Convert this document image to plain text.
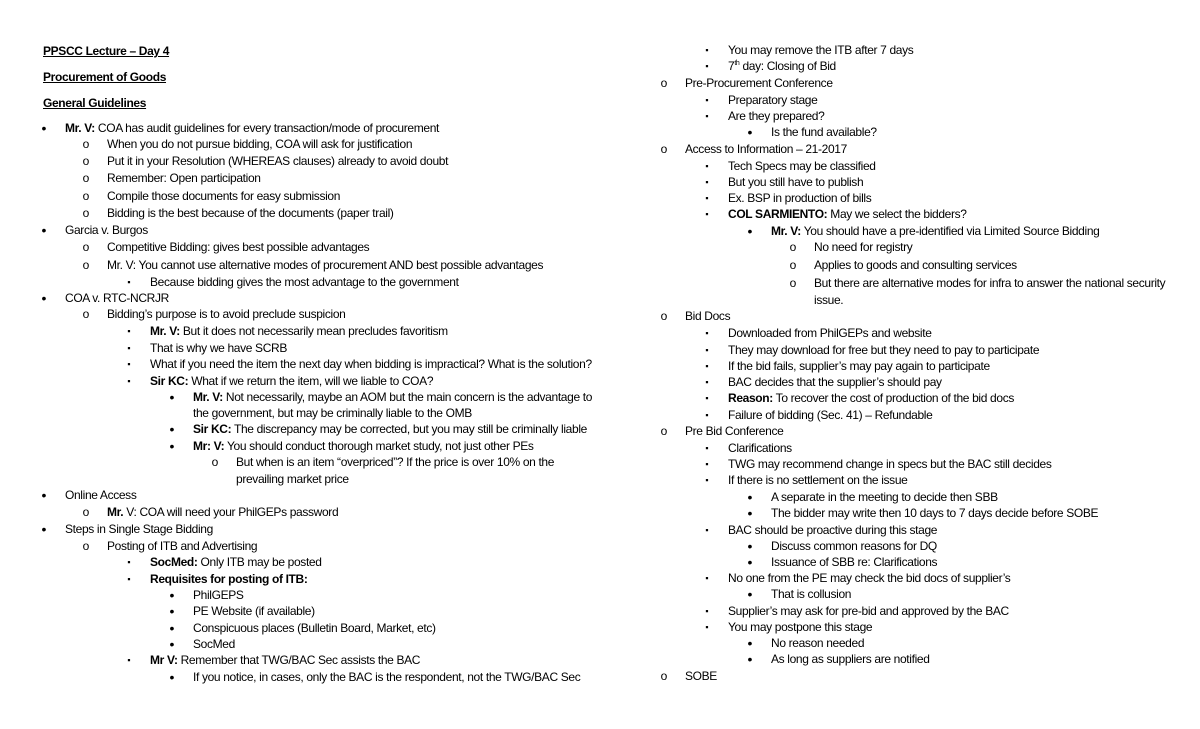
PPSCC Lecture – Day 4
Procurement of Goods
General Guidelines
• Mr. V: COA has audit guidelines for every transaction/mode of procurement
o When you do not pursue bidding, COA will ask for justification
o Put it in your Resolution (WHEREAS clauses) already to avoid doubt
o Remember: Open participation
o Compile those documents for easy submission
o Bidding is the best because of the documents (paper trail)
• Garcia v. Burgos
o Competitive Bidding: gives best possible advantages
o Mr. V: You cannot use alternative modes of procurement AND best possible advantages
▪	Because bidding gives the most advantage to the government
• COA v. RTC-NCRJR
o Bidding’s purpose is to avoid preclude suspicion
▪	Mr. V: But it does not necessarily mean precludes favoritism
▪	That is why we have SCRB
▪	What if you need the item the next day when bidding is impractical? What is the solution?
▪	Sir KC: What if we return the item, will we liable to COA?
• Mr. V: Not necessarily, maybe an AOM but the main concern is the advantage to
the government, but may be criminally liable to the OMB
• Sir KC: The discrepancy may be corrected, but you may still be criminally liable
• Mr: V: You should conduct thorough market study, not just other PEs
o But when is an item “overpriced”? If the price is over 10% on the
prevailing market price
• Online Access
o Mr. V: COA will need your PhilGEPs password
• Steps in Single Stage Bidding
o Posting of ITB and Advertising
▪	SocMed: Only ITB may be posted
▪	Requisites for posting of ITB:
• PhilGEPS
• PE Website (if available)
• Conspicuous places (Bulletin Board, Market, etc)
• SocMed
▪	Mr V: Remember that TWG/BAC Sec assists the BAC
• If you notice, in cases, only the BAC is the respondent, not the TWG/BAC Sec
▪	You may remove the ITB after 7 days
▪	7th day: Closing of Bid
o Pre-Procurement Conference
▪	Preparatory stage
▪	Are they prepared?
• Is the fund available?
o Access to Information – 21-2017
▪	Tech Specs may be classified
▪	But you still have to publish
▪	Ex. BSP in production of bills
▪	COL SARMIENTO: May we select the bidders?
• Mr. V: You should have a pre-identified via Limited Source Bidding
o No need for registry
o Applies to goods and consulting services
o But there are alternative modes for infra to answer the national security
issue.
o Bid Docs
▪	Downloaded from PhilGEPs and website
▪	They may download for free but they need to pay to participate
▪	If the bid fails, supplier’s may pay again to participate
▪	BAC decides that the supplier’s should pay
▪	Reason: To recover the cost of production of the bid docs
▪	Failure of bidding (Sec. 41) – Refundable
o Pre Bid Conference
▪	Clarifications
▪	TWG may recommend change in specs but the BAC still decides
▪	If there is no settlement on the issue
• A separate in the meeting to decide then SBB
• The bidder may write then 10 days to 7 days decide before SOBE
▪	BAC should be proactive during this stage
• Discuss common reasons for DQ
• Issuance of SBB re: Clarifications
▪	No one from the PE may check the bid docs of supplier’s
• That is collusion
▪	Supplier’s may ask for pre-bid and approved by the BAC
▪	You may postpone this stage
• No reason needed
• As long as suppliers are notified
o SOBE
